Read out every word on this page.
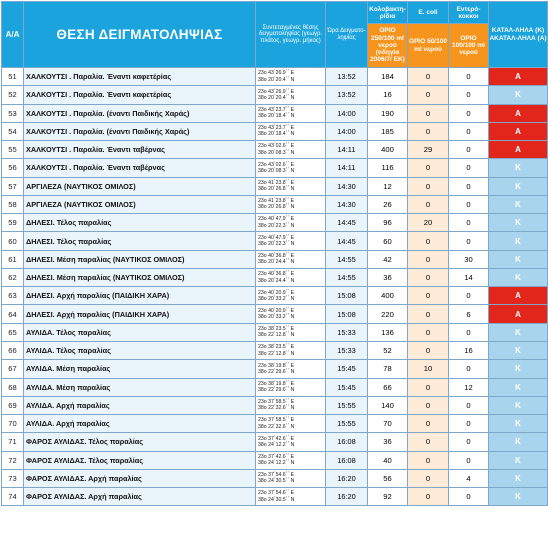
Α/Α	ΘΕΣΗ ΔΕΙΓΜΑΤΟΛΗΨΙΑΣ	Συντεταγμένες θέσης δειγματοληψίας (γεωγρ. πλάτος, γεωγρ. μήκος)	Ώρα Δειγματο-ληψίας	Κολοβακτη-ρίδια	E. coli	Εντερό-κοκκοι	ΚΑΤΑΛ-ΛΗΛΑ (Κ) ΑΚΑΤΑΛ-ΛΗΛΑ (Α)
				ΟΡΙΟ 250/100 ml νερού (οδηγία 2006/7/ ΕΚ)	ΟΡΙΟ 50/100 ml νερού	ΟΡΙΟ 100/100 ml νερού	
51	ΧΑΛΚΟΥΤΣΙ . Παραλία. Έναντι καφετέρίας	23ο 43΄26.9΄΄ Ε
38ο 20΄20.4΄΄ Ν	13:52	184	0	0	Α
52	ΧΑΛΚΟΥΤΣΙ . Παραλία. Έναντι καφετέρίας	23ο 43΄26.9΄΄ Ε
38ο 20΄20.4΄΄ Ν	13:52	16	0	0	Κ
53	ΧΑΛΚΟΥΤΣΙ . Παραλία. (έναντι Παιδικής Χαράς)	23ο 43΄23.7΄΄ Ε
38ο 20΄18.4΄΄ Ν	14:00	190	0	0	Α
54	ΧΑΛΚΟΥΤΣΙ . Παραλία. (έναντι Παιδικής Χαράς)	23ο 43΄23.7΄΄ Ε
38ο 20΄18.4΄΄ Ν	14:00	185	0	0	Α
55	ΧΑΛΚΟΥΤΣΙ . Παραλία. Έναντι ταβέρνας	23ο 43΄02.6΄΄ Ε
38ο 20΄08.3΄΄ Ν	14:11	400	29	0	Α
56	ΧΑΛΚΟΥΤΣΙ . Παραλία. Έναντι ταβέρνας	23ο 43΄02.6΄΄ Ε
38ο 20΄08.3΄΄ Ν	14:11	116	0	0	Κ
57	ΑΡΓΙΛΕΖΑ (ΝΑΥΤΙΚΟΣ ΟΜΙΛΟΣ)	23ο 41΄23.8΄΄ Ε
38ο 20΄26.8΄΄ Ν	14:30	12	0	0	Κ
58	ΑΡΓΙΛΕΖΑ (ΝΑΥΤΙΚΟΣ ΟΜΙΛΟΣ)	23ο 41΄23.8΄΄ Ε
38ο 20΄26.8΄΄ Ν	14:30	26	0	0	Κ
59	ΔΗΛΕΣΙ. Τέλος παραλίας	23ο 40΄47.9΄΄ Ε
38ο 20΄22.3΄΄ Ν	14:45	96	20	0	Κ
60	ΔΗΛΕΣΙ. Τέλος παραλίας	23ο 40΄47.9΄΄ Ε
38ο 20΄22.3΄΄ Ν	14:45	60	0	0	Κ
61	ΔΗΛΕΣΙ. Μέση παραλίας (ΝΑΥΤΙΚΟΣ ΟΜΙΛΟΣ)	23ο 40΄36.8΄΄ Ε
38ο 20΄24.4΄΄ Ν	14:55	42	0	30	Κ
62	ΔΗΛΕΣΙ. Μέση παραλίας (ΝΑΥΤΙΚΟΣ ΟΜΙΛΟΣ)	23ο 40΄36.8΄΄ Ε
38ο 20΄24.4΄΄ Ν	14:55	36	0	14	Κ
63	ΔΗΛΕΣΙ. Αρχή παραλίας (ΠΑΙΔΙΚΗ ΧΑΡΑ)	23ο 40΄20.9΄΄ Ε
38ο 20΄33.2΄΄ Ν	15:08	400	0	0	Α
64	ΔΗΛΕΣΙ. Αρχή παραλίας (ΠΑΙΔΙΚΗ ΧΑΡΑ)	23ο 40΄20.9΄΄ Ε
38ο 20΄33.2΄΄ Ν	15:08	220	0	6	Α
65	ΑΥΛΙΔΑ. Τέλος παραλίας	23ο 38΄23.5΄΄ Ε
38ο 22΄12.8΄΄ Ν	15:33	136	0	0	Κ
66	ΑΥΛΙΔΑ. Τέλος παραλίας	23ο 38΄23.5΄΄ Ε
38ο 22΄12.8΄΄ Ν	15:33	52	0	16	Κ
67	ΑΥΛΙΔΑ. Μέση παραλίας	23ο 38΄19.8΄΄ Ε
38ο 22΄29.6΄΄ Ν	15:45	78	10	0	Κ
68	ΑΥΛΙΔΑ. Μέση παραλίας	23ο 38΄19.8΄΄ Ε
38ο 22΄29.6΄΄ Ν	15:45	66	0	12	Κ
69	ΑΥΛΙΔΑ. Αρχή παραλίας	23ο 37΄58.5΄΄ Ε
38ο 22΄32.6΄΄ Ν	15:55	140	0	0	Κ
70	ΑΥΛΙΔΑ. Αρχή παραλίας	23ο 37΄58.5΄΄ Ε
38ο 22΄32.6΄΄ Ν	15:55	70	0	0	Κ
71	ΦΑΡΟΣ ΑΥΛΙΔΑΣ. Τέλος παραλίας	23ο 37΄42.6΄΄ Ε
38ο 24΄12.2΄΄ Ν	16:08	36	0	0	Κ
72	ΦΑΡΟΣ ΑΥΛΙΔΑΣ. Τέλος παραλίας	23ο 37΄42.6΄΄ Ε
38ο 24΄12.2΄΄ Ν	16:08	40	0	0	Κ
73	ΦΑΡΟΣ ΑΥΛΙΔΑΣ. Αρχή παραλίας	23ο 37΄54.6΄΄ Ε
38ο 24΄30.5΄΄ Ν	16:20	56	0	4	Κ
74	ΦΑΡΟΣ ΑΥΛΙΔΑΣ. Αρχή παραλίας	23ο 37΄54.6΄΄ Ε
38ο 24΄30.5΄΄ Ν	16:20	92	0	0	Κ
